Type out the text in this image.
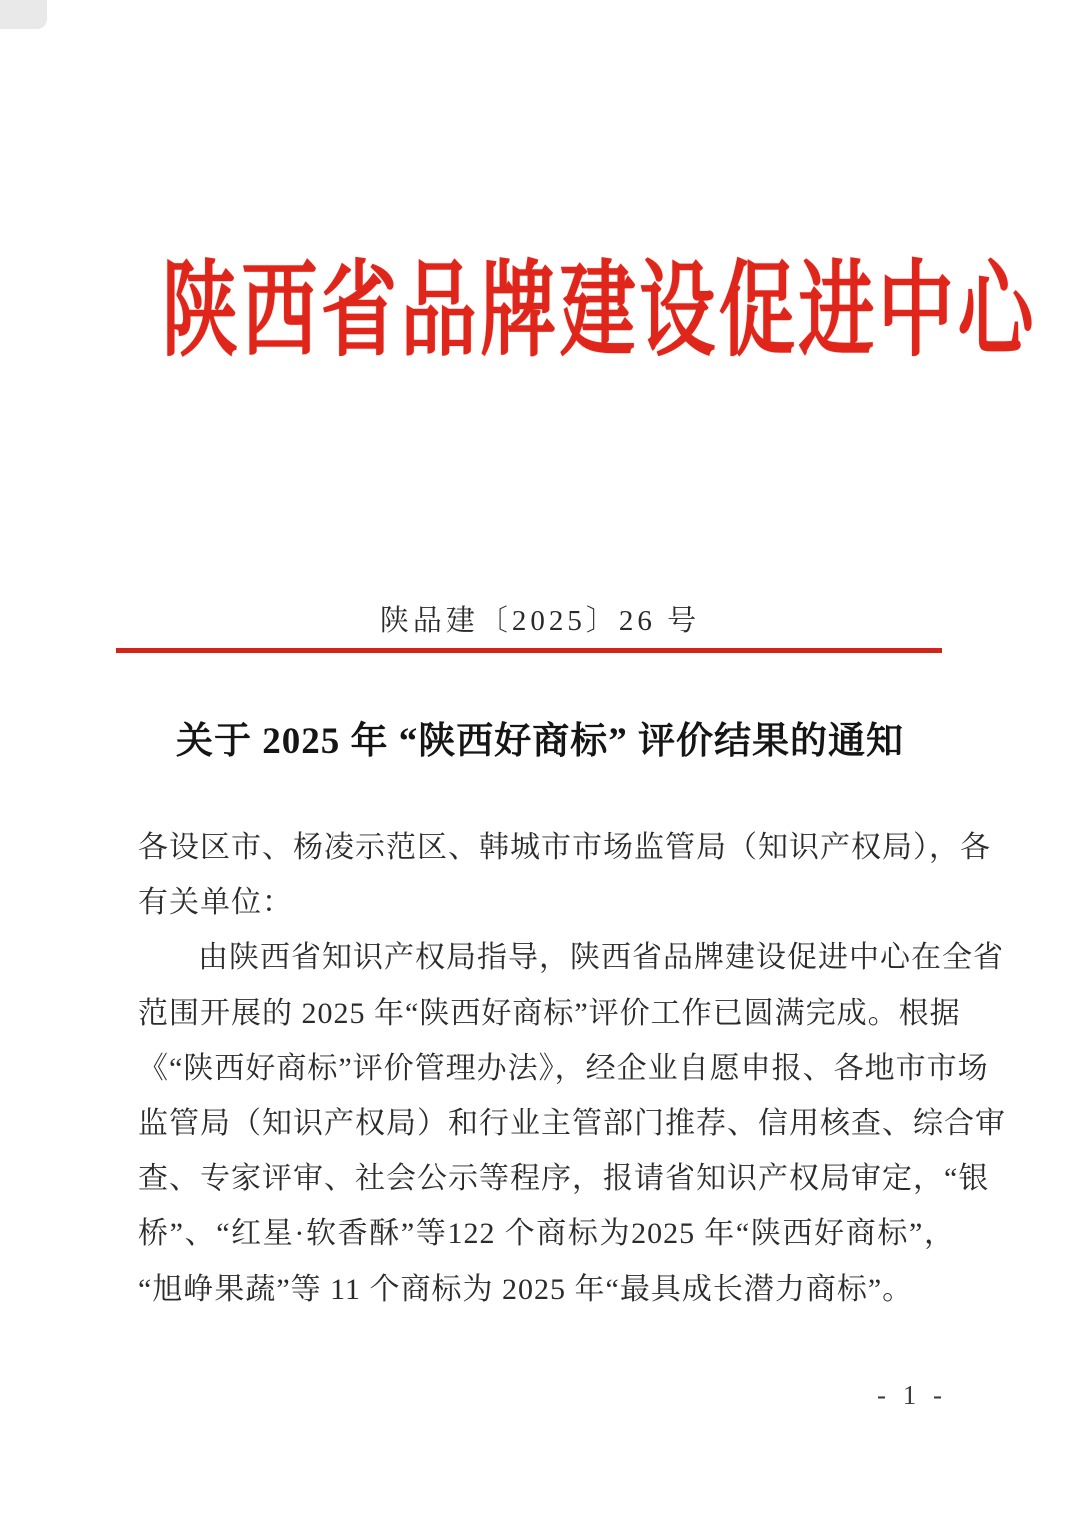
陕西省品牌建设促进中心
陕品建〔2025〕26 号
关于 2025 年 “陕西好商标” 评价结果的通知
各设区市、杨凌示范区、韩城市市场监管局（知识产权局），各
有关单位：
由陕西省知识产权局指导，陕西省品牌建设促进中心在全省
范围开展的 2025 年“陕西好商标”评价工作已圆满完成。根据
《“陕西好商标”评价管理办法》，经企业自愿申报、各地市市场
监管局（知识产权局）和行业主管部门推荐、信用核查、综合审
查、专家评审、社会公示等程序，报请省知识产权局审定，“银
桥”、“红星·软香酥”等122 个商标为2025 年“陕西好商标”，
“旭峥果蔬”等 11 个商标为 2025 年“最具成长潜力商标”。
- 1 -
